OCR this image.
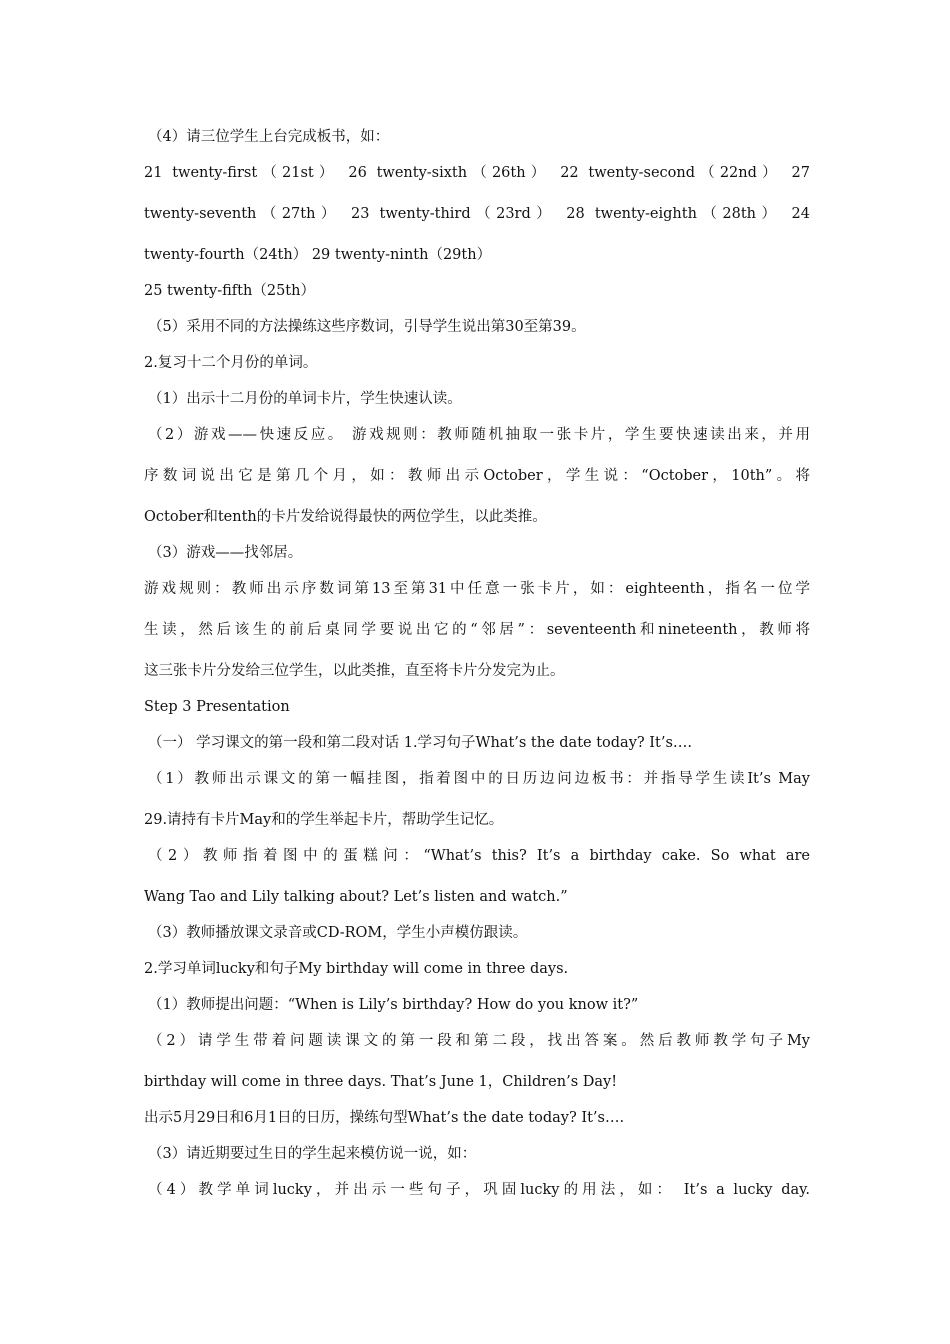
（4）请三位学生上台完成板书，如：
21 twenty-first（21st） 26 twenty-sixth（26th） 22 twenty-second（22nd） 27
twenty-seventh（27th） 23 twenty-third（23rd） 28 twenty-eighth（28th） 24
twenty-fourth（24th） 29 twenty-ninth（29th）
25 twenty-fifth（25th）
（5）采用不同的方法操练这些序数词，引导学生说出第30至第39。
2.复习十二个月份的单词。
（1）出示十二月份的单词卡片，学生快速认读。
（2）游戏——快速反应。 游戏规则：教师随机抽取一张卡片，学生要快速读出来，并用
序数词说出它是第几个月，如：教师出示October，学生说：“October，10th”。将
October和tenth的卡片发给说得最快的两位学生，以此类推。
（3）游戏——找邻居。
游戏规则：教师出示序数词第13至第31中任意一张卡片，如：eighteenth，指名一位学
生读，然后该生的前后桌同学要说出它的“邻居”：seventeenth和nineteenth，教师将
这三张卡片分发给三位学生，以此类推，直至将卡片分发完为止。
Step 3 Presentation
（一） 学习课文的第一段和第二段对话 1.学习句子What’s the date today? It’s….
（1）教师出示课文的第一幅挂图，指着图中的日历边问边板书：并指导学生读It’s May
29.请持有卡片May和的学生举起卡片，帮助学生记忆。
（2）教师指着图中的蛋糕问：“What’s this? It’s a birthday cake. So what are
Wang Tao and Lily talking about? Let’s listen and watch.”
（3）教师播放课文录音或CD-ROM，学生小声模仿跟读。
2.学习单词lucky和句子My birthday will come in three days.
（1）教师提出问题：“When is Lily’s birthday? How do you know it?”
（2）请学生带着问题读课文的第一段和第二段，找出答案。然后教师教学句子My
birthday will come in three days. That’s June 1，Children’s Day!
出示5月29日和6月1日的日历，操练句型What’s the date today? It’s….
（3）请近期要过生日的学生起来模仿说一说，如：
（4）教学单词lucky，并出示一些句子，巩固lucky的用法，如： It’s a lucky day.
